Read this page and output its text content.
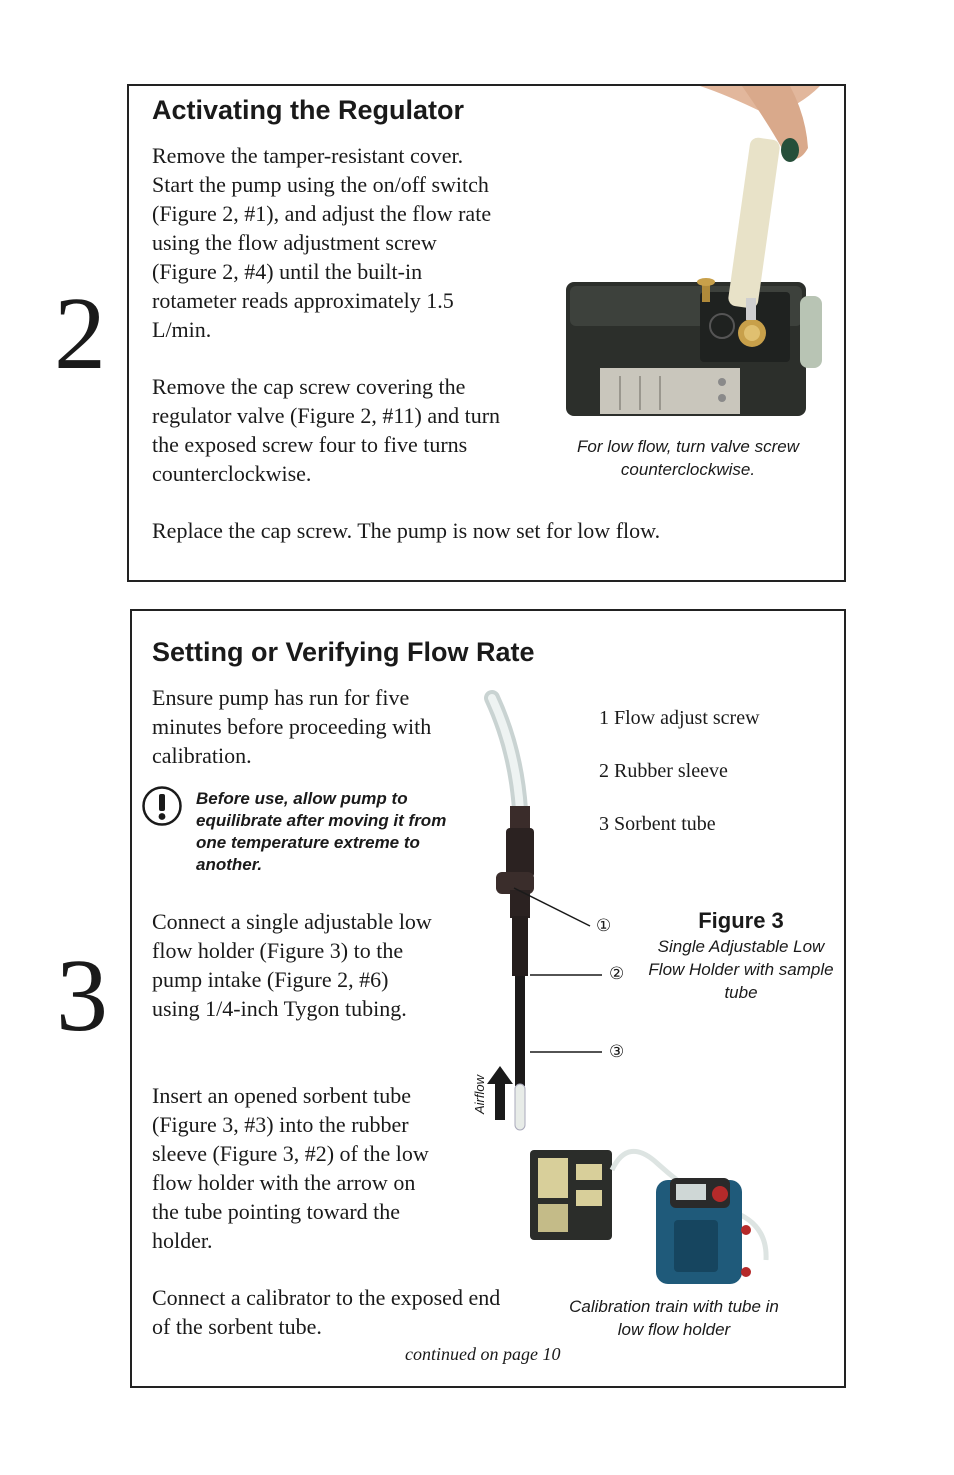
2
Activating the Regulator
Remove the tamper-resistant cover. Start the pump using the on/off switch (Figure 2, #1), and adjust the flow rate using the flow adjustment screw (Figure 2, #4) until the built-in rotameter reads approximately 1.5 L/min.
Remove the cap screw covering the regulator valve (Figure 2, #11) and turn the exposed screw four to five turns counterclockwise.
Replace the cap screw. The pump is now set for low flow.
For low flow, turn valve screw counterclockwise.
3
Setting or Verifying Flow Rate
Ensure pump has run for five minutes before proceeding with calibration.
Before use, allow pump to equilibrate after moving it from one temperature extreme to another.
Connect a single adjustable low flow holder (Figure 3) to the pump intake (Figure 2, #6) using 1/4-inch Tygon tubing.
Insert an opened sorbent tube (Figure 3, #3) into the rubber sleeve (Figure 3, #2) of the low flow holder with the arrow on the tube pointing toward the holder.
Connect a calibrator to the exposed end of the sorbent tube.
①
②
③
Airflow
1 Flow adjust screw
2 Rubber sleeve
3 Sorbent tube
Figure 3
Single Adjustable Low Flow Holder with sample tube
Calibration train with tube in low flow holder
continued on page 10
